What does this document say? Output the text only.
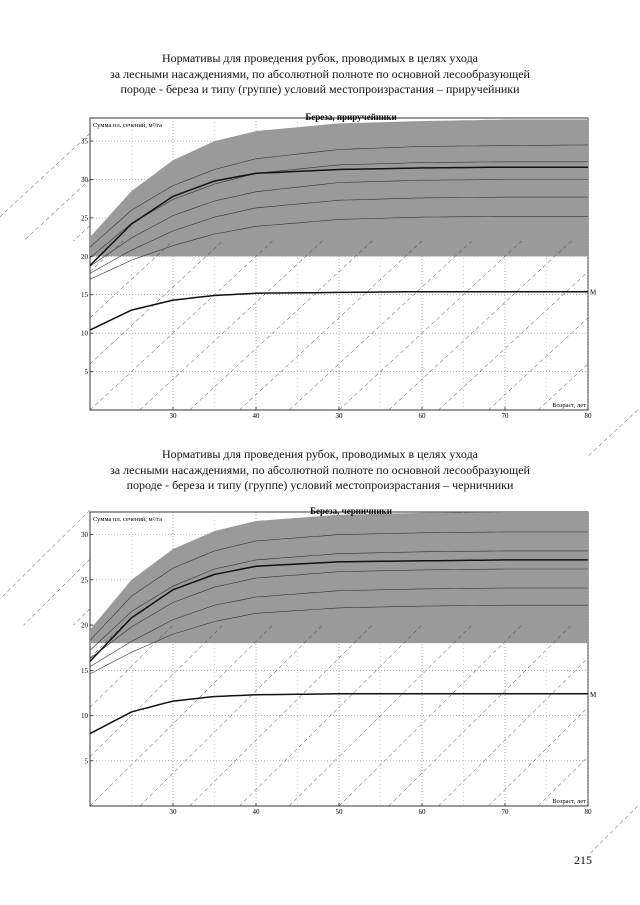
Нормативы для проведения рубок, проводимых в целях ухода
за лесными насаждениями, по абсолютной полноте по основной лесообразующей
породе - береза и типу (группе) условий местопроизрастания – приручейники
M
5
10
15
20
25
30
35
30	40	30	60	70	80
Сумма пл. сечений, м²/га
Возраст, лет
Береза, приручейники
Нормативы для проведения рубок, проводимых в целях ухода
за лесными насаждениями, по абсолютной полноте по основной лесообразующей
породе - береза и типу (группе) условий местопроизрастания – черничники
M
5
10
15
20
25
30
30	40	50	60	70	80
Сумма пл. сечений, м²/га
Возраст, лет
Береза, черничники
215
